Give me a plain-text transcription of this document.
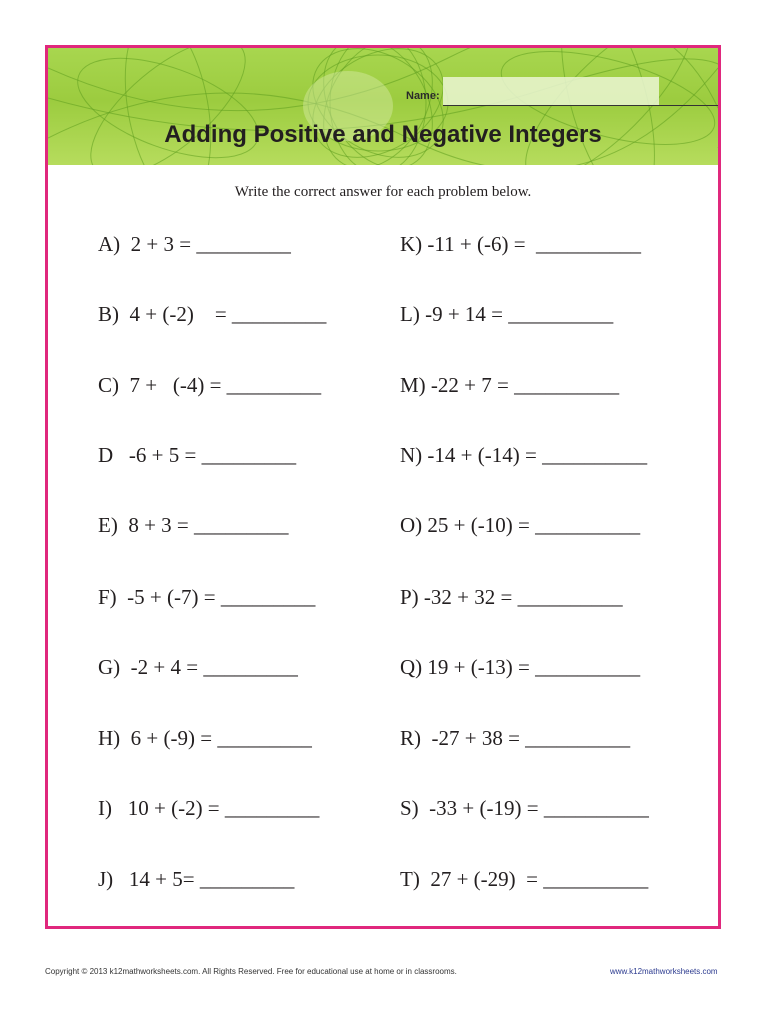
Name:
Adding Positive and Negative Integers

Write the correct answer for each problem below.

A)  2 + 3 = _________
B)  4 + (-2)    = _________
C)  7 +   (-4) = _________
D   -6 + 5 = _________
E)  8 + 3 = _________
F)  -5 + (-7) = _________
G)  -2 + 4 = _________
H)  6 + (-9) = _________
I)   10 + (-2) = _________
J)   14 + 5= _________
K) -11 + (-6) =  __________
L) -9 + 14 = __________
M) -22 + 7 = __________
N) -14 + (-14) = __________
O) 25 + (-10) = __________
P) -32 + 32 = __________
Q) 19 + (-13) = __________
R)  -27 + 38 = __________
S)  -33 + (-19) = __________
T)  27 + (-29)  = __________
Copyright © 2013 k12mathworksheets.com. All Rights Reserved. Free for educational use at home or in classrooms.	www.k12mathworksheets.com
